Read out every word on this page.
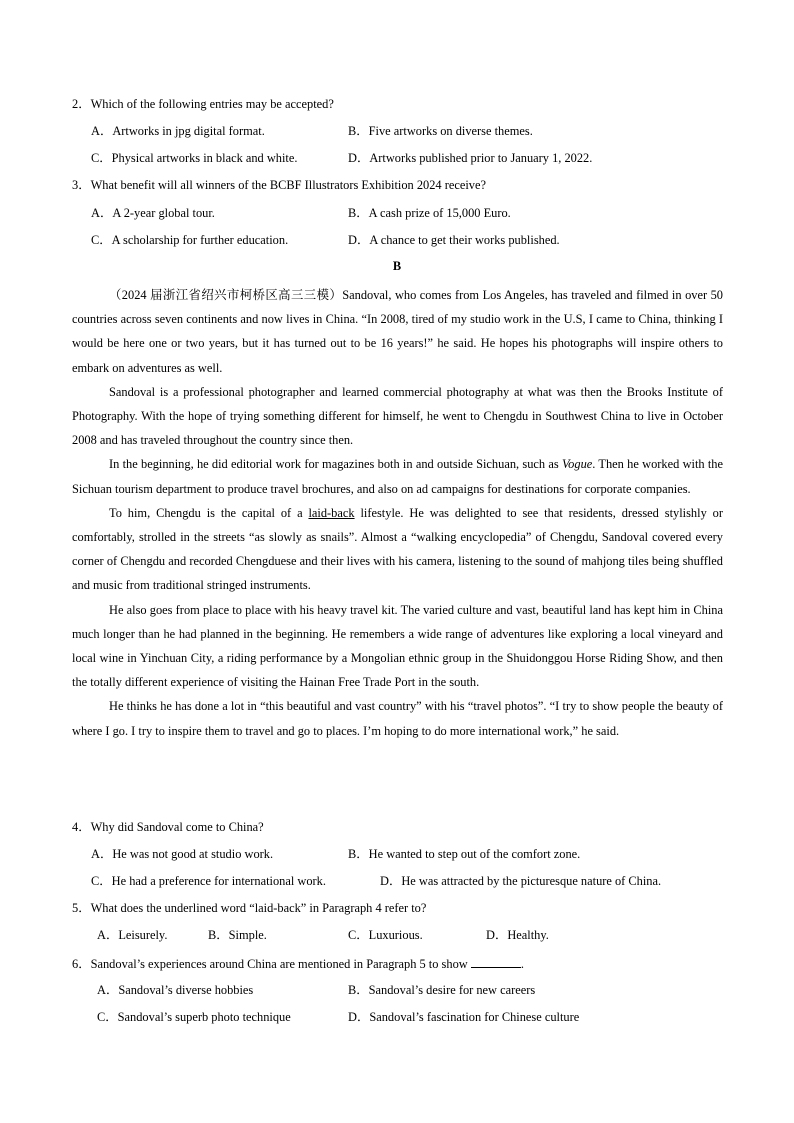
2．Which of the following entries may be accepted?
A．Artworks in jpg digital format.	B．Five artworks on diverse themes.
C．Physical artworks in black and white.	D．Artworks published prior to January 1, 2022.
3．What benefit will all winners of the BCBF Illustrators Exhibition 2024 receive?
A．A 2-year global tour.	B．A cash prize of 15,000 Euro.
C．A scholarship for further education.	D．A chance to get their works published.
B

（2024 届浙江省绍兴市柯桥区高三三模）Sandoval, who comes from Los Angeles, has traveled and filmed in over 50 countries across seven continents and now lives in China. “In 2008, tired of my studio work in the U.S, I came to China, thinking I would be here one or two years, but it has turned out to be 16 years!” he said. He hopes his photographs will inspire others to embark on adventures as well.

Sandoval is a professional photographer and learned commercial photography at what was then the Brooks Institute of Photography. With the hope of trying something different for himself, he went to Chengdu in Southwest China to live in October 2008 and has traveled throughout the country since then.

In the beginning, he did editorial work for magazines both in and outside Sichuan, such as Vogue. Then he worked with the Sichuan tourism department to produce travel brochures, and also on ad campaigns for destinations for corporate companies.

To him, Chengdu is the capital of a laid-back lifestyle. He was delighted to see that residents, dressed stylishly or comfortably, strolled in the streets “as slowly as snails”. Almost a “walking encyclopedia” of Chengdu, Sandoval covered every corner of Chengdu and recorded Chengduese and their lives with his camera, listening to the sound of mahjong tiles being shuffled and music from traditional stringed instruments.

He also goes from place to place with his heavy travel kit. The varied culture and vast, beautiful land has kept him in China much longer than he had planned in the beginning. He remembers a wide range of adventures like exploring a local vineyard and local wine in Yinchuan City, a riding performance by a Mongolian ethnic group in the Shuidonggou Horse Riding Show, and then the totally different experience of visiting the Hainan Free Trade Port in the south.

He thinks he has done a lot in “this beautiful and vast country” with his “travel photos”. “I try to show people the beauty of where I go. I try to inspire them to travel and go to places. I’m hoping to do more international work,” he said.

4．Why did Sandoval come to China?
A．He was not good at studio work.	B．He wanted to step out of the comfort zone.
C．He had a preference for international work.	D．He was attracted by the picturesque nature of China.
5．What does the underlined word “laid-back” in Paragraph 4 refer to?
A．Leisurely.	B．Simple.	C．Luxurious.	D．Healthy.
6．Sandoval’s experiences around China are mentioned in Paragraph 5 to show	.
A．Sandoval’s diverse hobbies	B．Sandoval’s desire for new careers
C．Sandoval’s superb photo technique	D．Sandoval’s fascination for Chinese culture
